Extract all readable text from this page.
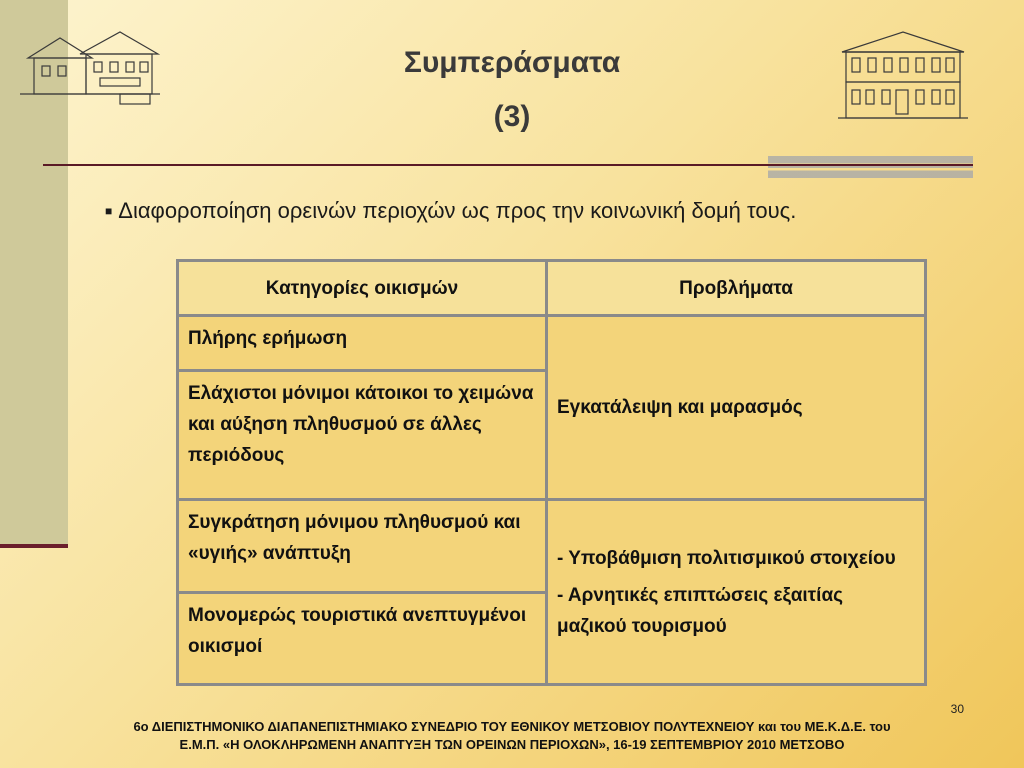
Συμπεράσματα
(3)
■ Διαφοροποίηση ορεινών περιοχών ως προς την κοινωνική δομή τους.
Κατηγορίες οικισμών	Προβλήματα
Πλήρης ερήμωση	Εγκατάλειψη και μαρασμός
Ελάχιστοι μόνιμοι κάτοικοι το χειμώνα και αύξηση πληθυσμού σε άλλες περιόδους	
Συγκράτηση μόνιμου πληθυσμού και «υγιής» ανάπτυξη	- Υποβάθμιση πολιτισμικού στοιχείου
- Αρνητικές επιπτώσεις εξαιτίας μαζικού τουρισμού

Μονομερώς τουριστικά ανεπτυγμένοι οικισμοί	
30
6ο ΔΙΕΠΙΣΤΗΜΟΝΙΚΟ ΔΙΑΠΑΝΕΠΙΣΤΗΜΙΑΚΟ ΣΥΝΕΔΡΙΟ ΤΟΥ ΕΘΝΙΚΟΥ ΜΕΤΣΟΒΙΟΥ ΠΟΛΥΤΕΧΝΕΙΟΥ και του ΜΕ.Κ.Δ.Ε. του
Ε.Μ.Π. «Η ΟΛΟΚΛΗΡΩΜΕΝΗ ΑΝΑΠΤΥΞΗ ΤΩΝ ΟΡΕΙΝΩΝ ΠΕΡΙΟΧΩΝ», 16-19 ΣΕΠΤΕΜΒΡΙΟΥ 2010 ΜΕΤΣΟΒΟ
